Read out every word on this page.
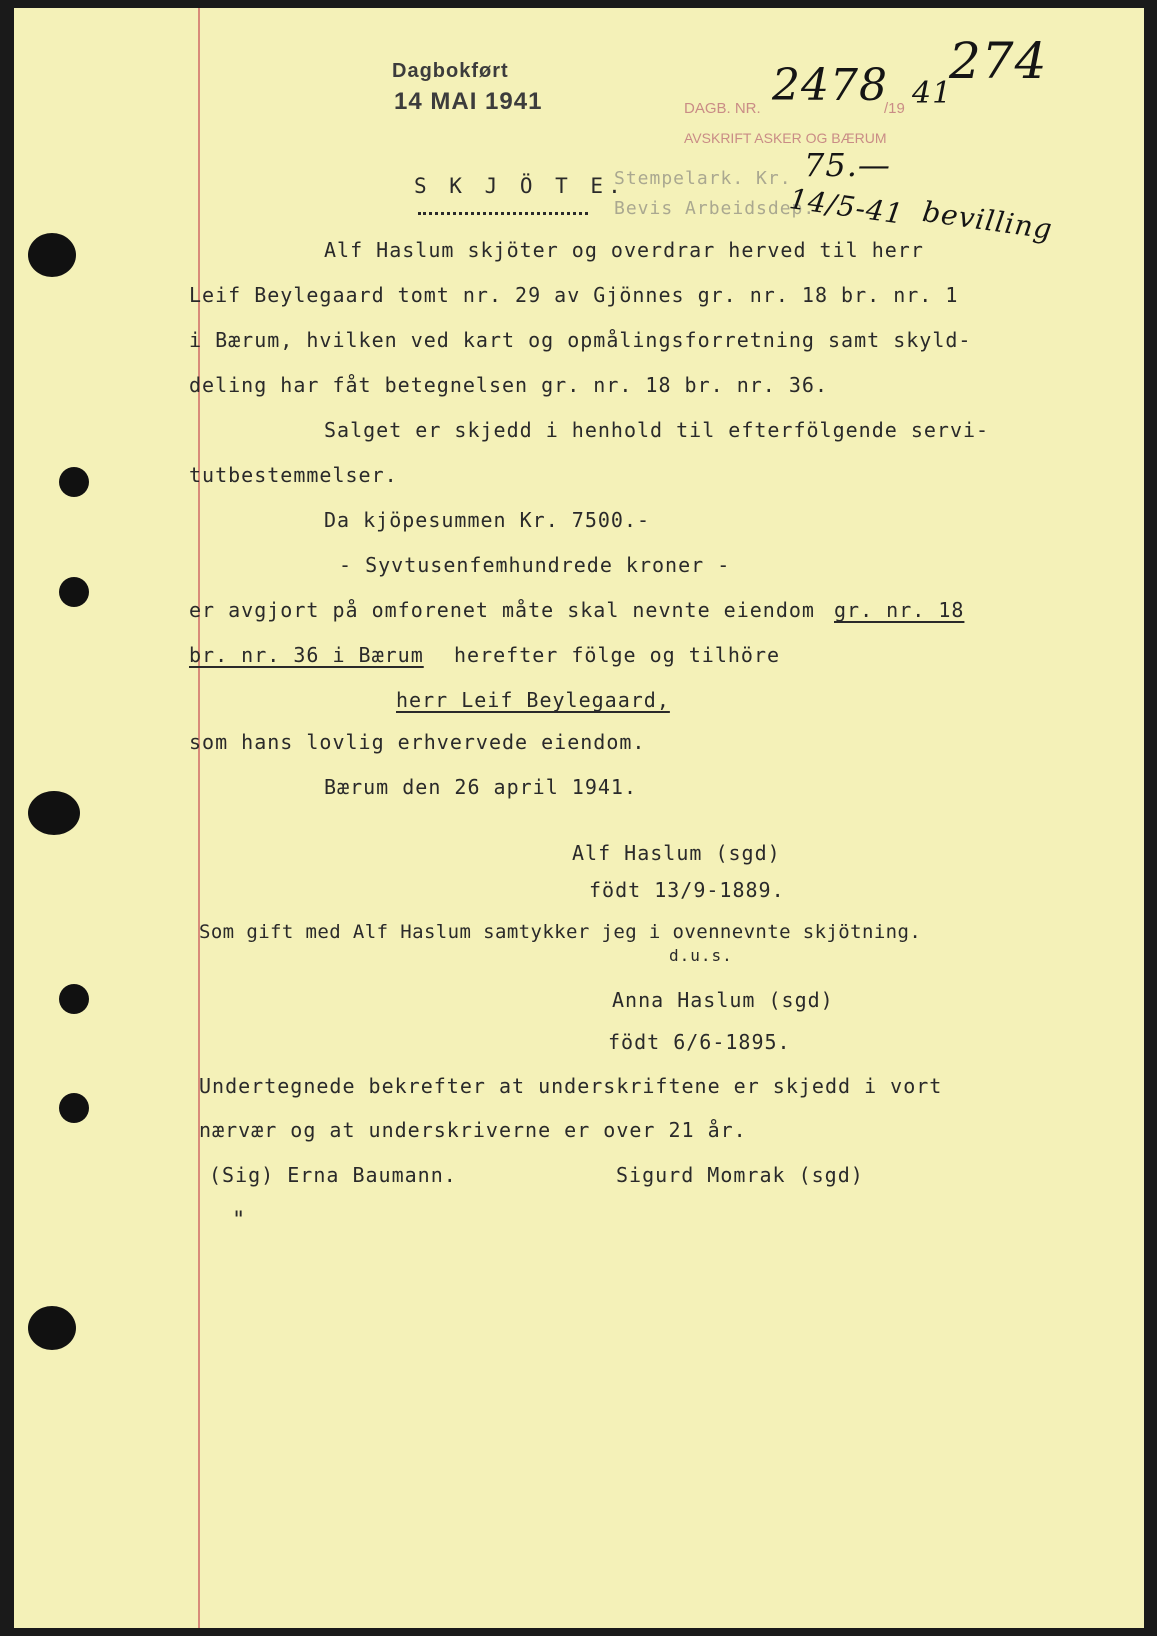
Dagbokført
14 MAI 1941	DAGB. NR. 2478
/19 41
274
AVSKRIFT ASKER OG BÆRUM
Stempelark. Kr. 75.—
Bevis Arbeidsdep.
14/5-41 bevilling
S K J Ö T E.
Alf Haslum skjöter og overdrar herved til herr
Leif Beylegaard tomt nr. 29 av Gjönnes gr. nr. 18 br. nr. 1
i Bærum, hvilken ved kart og opmålingsforretning samt skyld-
deling har fåt betegnelsen gr. nr. 18 br. nr. 36.
Salget er skjedd i henhold til efterfölgende servi-
tutbestemmelser.
Da kjöpesummen Kr. 7500.-
- Syvtusenfemhundrede kroner -
er avgjort på omforenet måte skal nevnte eiendom gr. nr. 18
br. nr. 36 i Bærum herefter fölge og tilhöre
herr Leif Beylegaard,
som hans lovlig erhvervede eiendom.
Bærum den 26 april 1941.
Alf Haslum (sgd)
födt 13/9-1889.
Som gift med Alf Haslum samtykker jeg i ovennevnte skjötning.
d.u.s.
Anna Haslum (sgd)
födt 6/6-1895.
Undertegnede bekrefter at underskriftene er skjedd i vort
nærvær og at underskriverne er over 21 år.
(Sig) Erna Baumann.	Sigurd Momrak (sgd)
"
